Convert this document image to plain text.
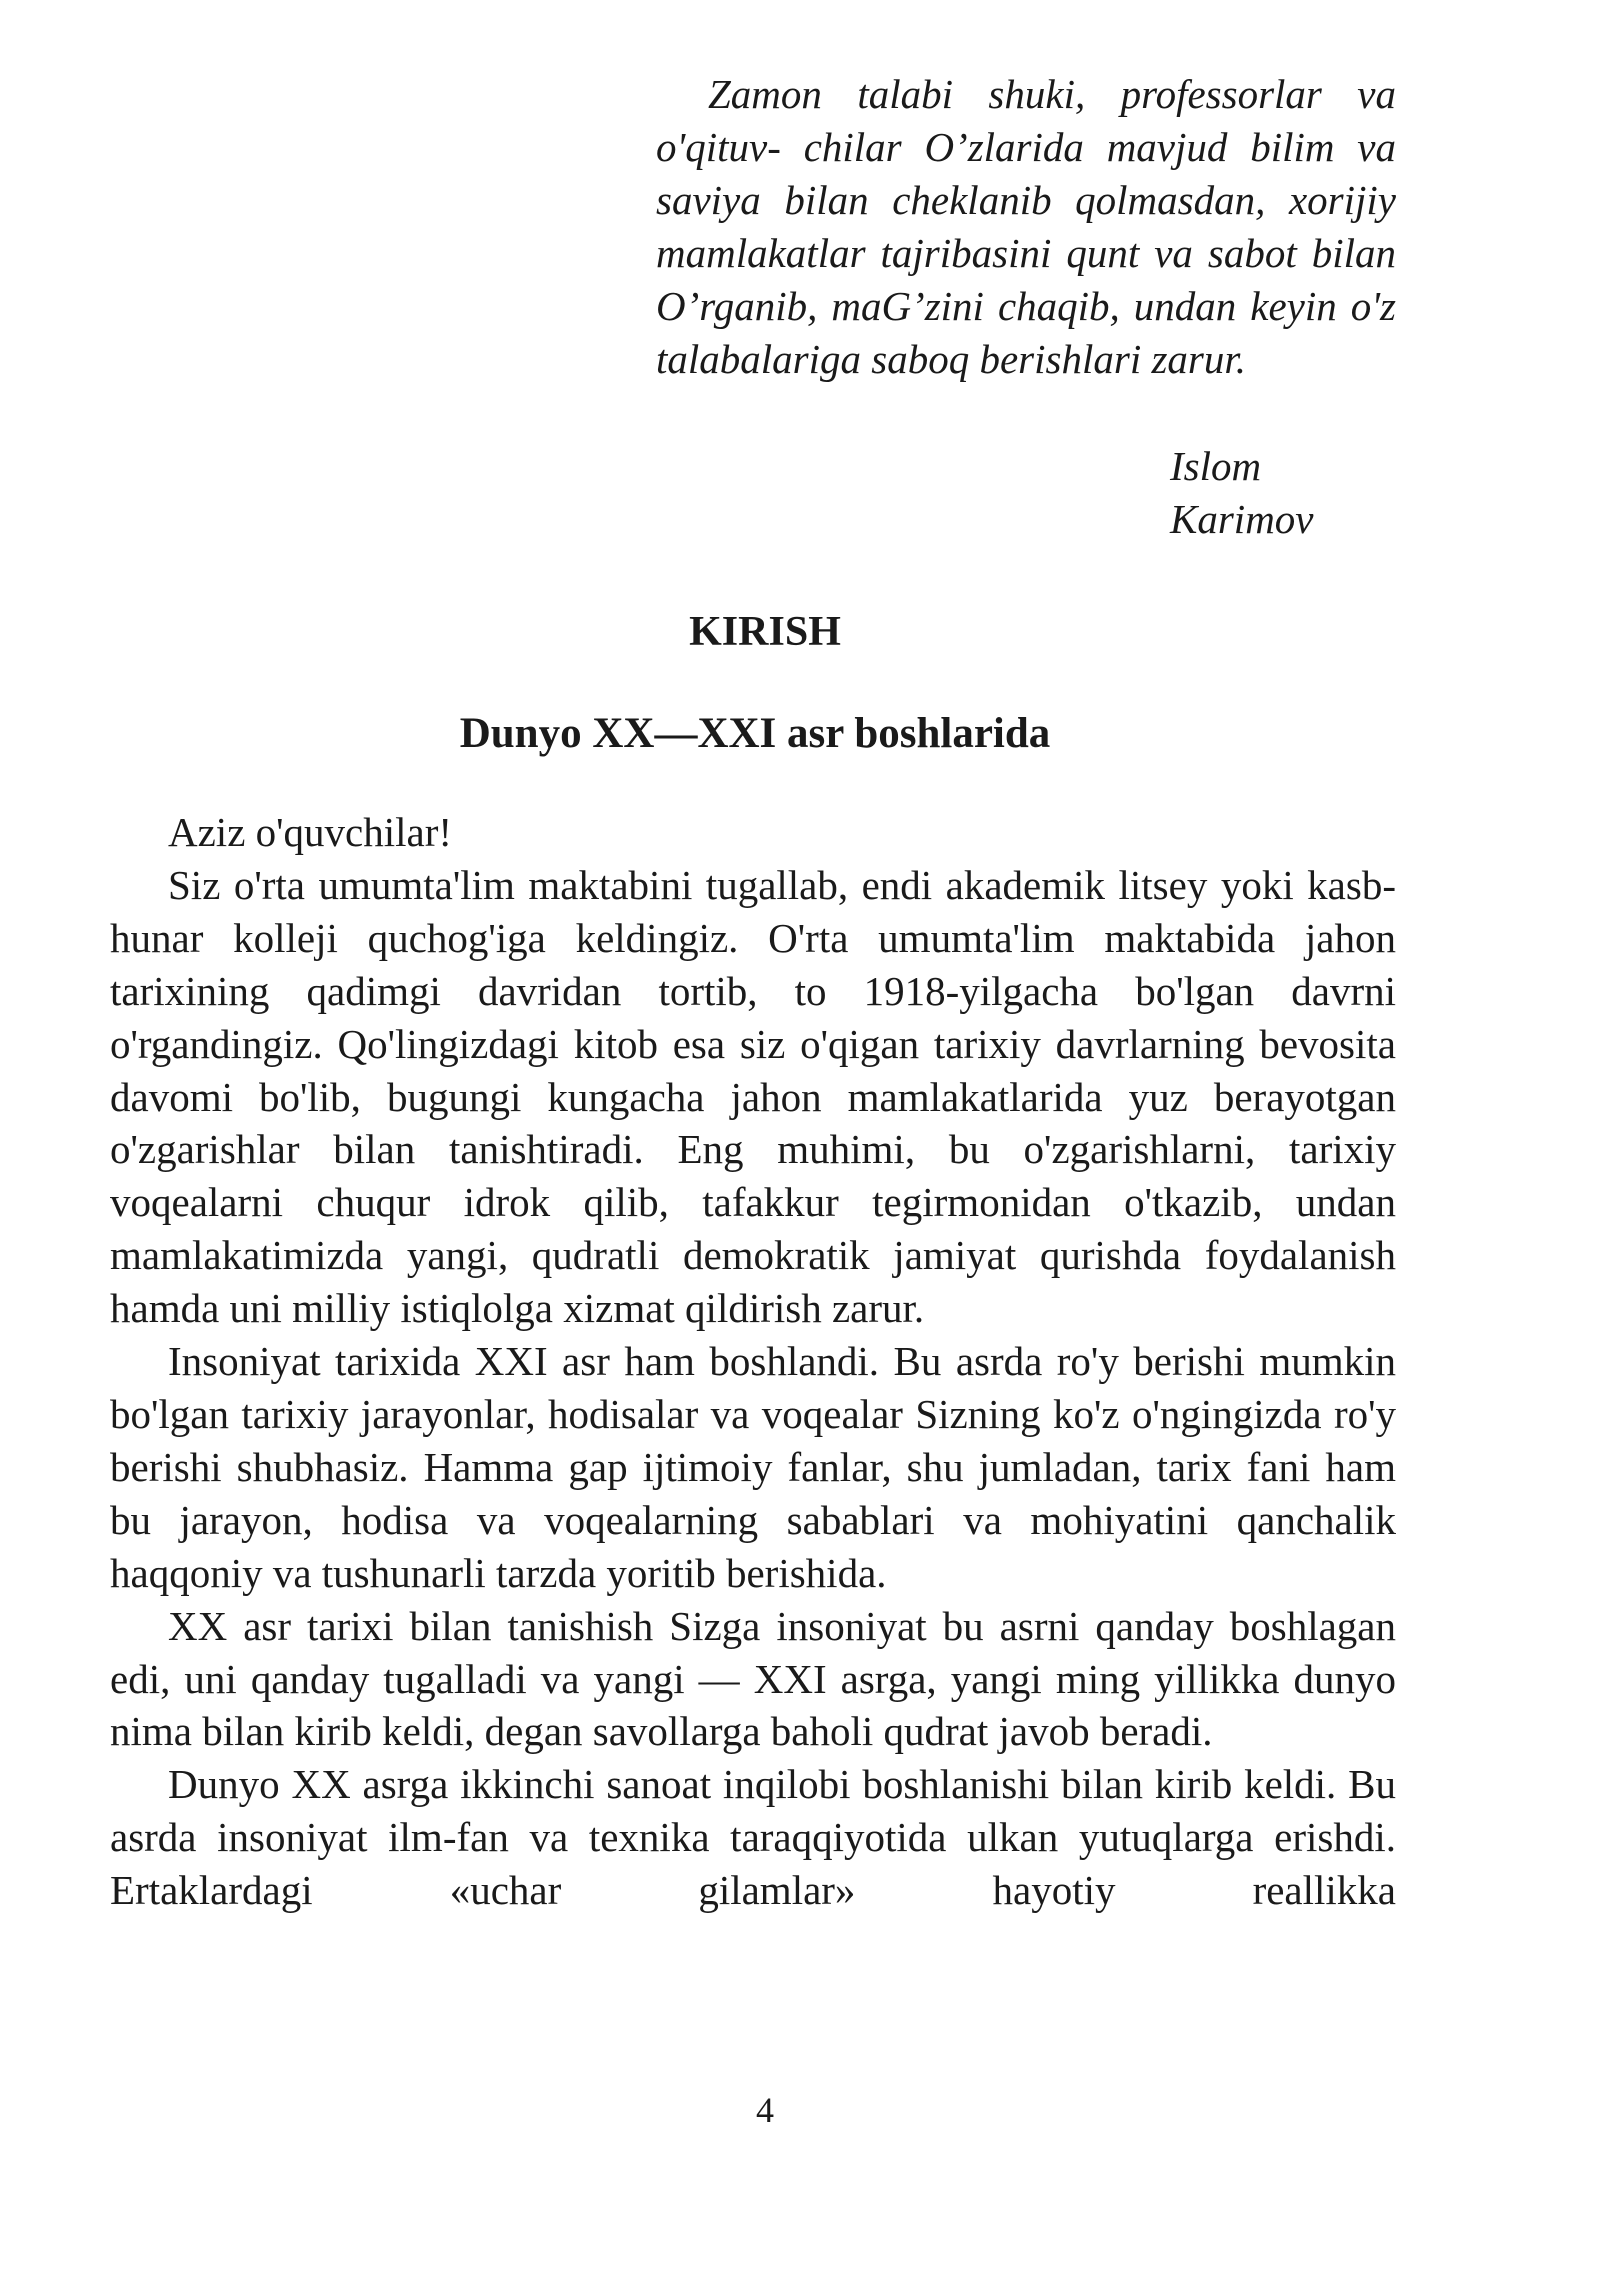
Zamon talabi shuki, professorlar va o'qituv- chilar O’zlarida mavjud bilim va saviya bilan cheklanib qolmasdan, xorijiy mamlakatlar tajribasini qunt va sabot bilan O’rganib, maG’zini chaqib, undan keyin o'z talabalariga saboq berishlari zarur.

Islom
Karimov
KIRISH
Dunyo XX—XXI asr boshlarida

Aziz o'quvchilar!

Siz o'rta umumta'lim maktabini tugallab, endi akademik litsey yoki kasb-hunar kolleji quchog'iga keldingiz. O'rta umumta'lim maktabida jahon tarixining qadimgi davridan tortib, to 1918-yilgacha bo'lgan davrni o'rgandingiz. Qo'lingizdagi kitob esa siz o'qigan tarixiy davrlarning bevosita davomi bo'lib, bugungi kungacha jahon mamlakatlarida yuz berayotgan o'zgarishlar bilan tanishtiradi. Eng muhimi, bu o'zgarishlarni, tarixiy voqealarni chuqur idrok qilib, tafakkur tegirmonidan o'tkazib, undan mamlakatimizda yangi, qudratli demokratik jamiyat qurishda foydalanish hamda uni milliy istiqlolga xizmat qildirish zarur.

Insoniyat tarixida XXI asr ham boshlandi. Bu asrda ro'y berishi mumkin bo'lgan tarixiy jarayonlar, hodisalar va voqealar Sizning ko'z o'ngingizda ro'y berishi shubhasiz. Hamma gap ijtimoiy fanlar, shu jumladan, tarix fani ham bu jarayon, hodisa va voqealarning sabablari va mohiyatini qanchalik haqqoniy va tushunarli tarzda yoritib berishida.

XX asr tarixi bilan tanishish Sizga insoniyat bu asrni qanday boshlagan edi, uni qanday tugalladi va yangi — XXI asrga, yangi ming yillikka dunyo nima bilan kirib keldi, degan savollarga baholi qudrat javob beradi.

Dunyo XX asrga ikkinchi sanoat inqilobi boshlanishi bilan kirib keldi. Bu asrda insoniyat ilm-fan va texnika taraqqiyotida ulkan yutuqlarga erishdi. Ertaklardagi «uchar gilamlar» hayotiy reallikka

4
